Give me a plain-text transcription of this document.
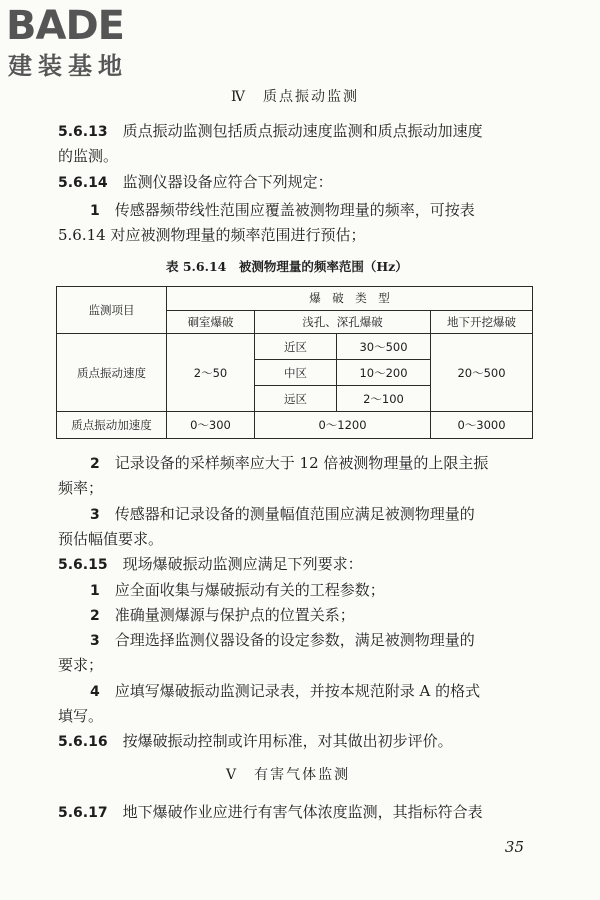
BADE
建装基地
Ⅳ　质点振动监测
5.6.13　 质点振动监测包括质点振动速度监测和质点振动加速度
的监测。
5.6.14　 监测仪器设备应符合下列规定：
1　 传感器频带线性范围应覆盖被测物理量的频率，可按表
5.6.14 对应被测物理量的频率范围进行预估；
表 5.6.14　被测物理量的频率范围（Hz）
监测项目	爆　破　类　型			
	硐室爆破	浅孔、深孔爆破		地下开挖爆破
质点振动速度	2～50	近区	30～500	20～500
		中区	10～200	
		远区	2～100	
质点振动加速度	0～300	0～1200		0～3000
2　 记录设备的采样频率应大于 12 倍被测物理量的上限主振
频率；
3　 传感器和记录设备的测量幅值范围应满足被测物理量的
预估幅值要求。
5.6.15　 现场爆破振动监测应满足下列要求：
1　 应全面收集与爆破振动有关的工程参数；
2　 准确量测爆源与保护点的位置关系；
3　 合理选择监测仪器设备的设定参数，满足被测物理量的
要求；
4　 应填写爆破振动监测记录表，并按本规范附录 A 的格式
填写。
5.6.16　 按爆破振动控制或许用标准，对其做出初步评价。
Ⅴ　有害气体监测
5.6.17　 地下爆破作业应进行有害气体浓度监测，其指标符合表
35
